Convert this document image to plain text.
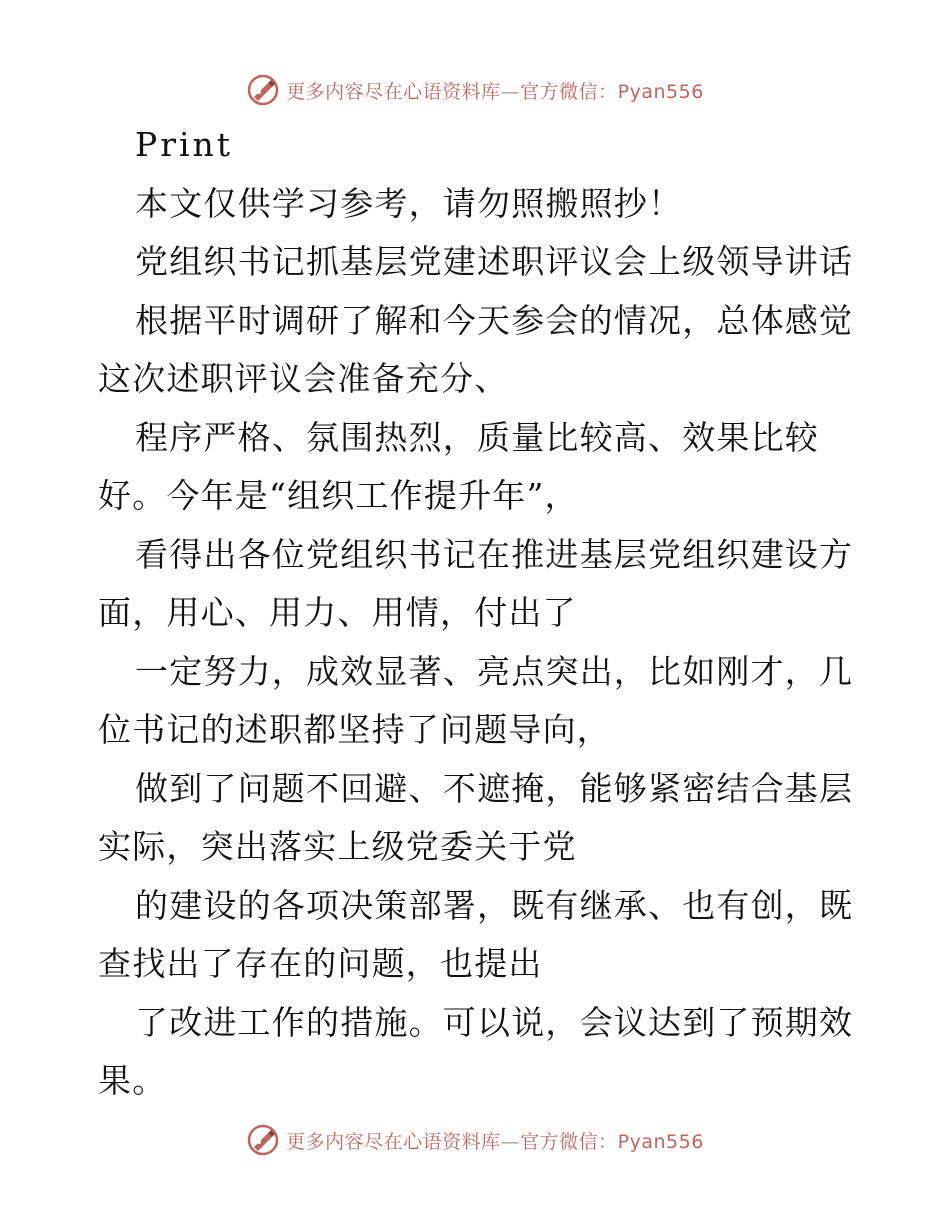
更多内容尽在心语资料库—官方微信：Pyan556
Print
本文仅供学习参考，请勿照搬照抄！
党组织书记抓基层党建述职评议会上级领导讲话
根据平时调研了解和今天参会的情况，总体感觉
这次述职评议会准备充分、
程序严格、氛围热烈，质量比较高、效果比较
好。今年是“组织工作提升年”，
看得出各位党组织书记在推进基层党组织建设方
面，用心、用力、用情，付出了
一定努力，成效显著、亮点突出，比如刚才，几
位书记的述职都坚持了问题导向，
做到了问题不回避、不遮掩，能够紧密结合基层
实际，突出落实上级党委关于党
的建设的各项决策部署，既有继承、也有创，既
查找出了存在的问题，也提出
了改进工作的措施。可以说，会议达到了预期效
果。
更多内容尽在心语资料库—官方微信：Pyan556
